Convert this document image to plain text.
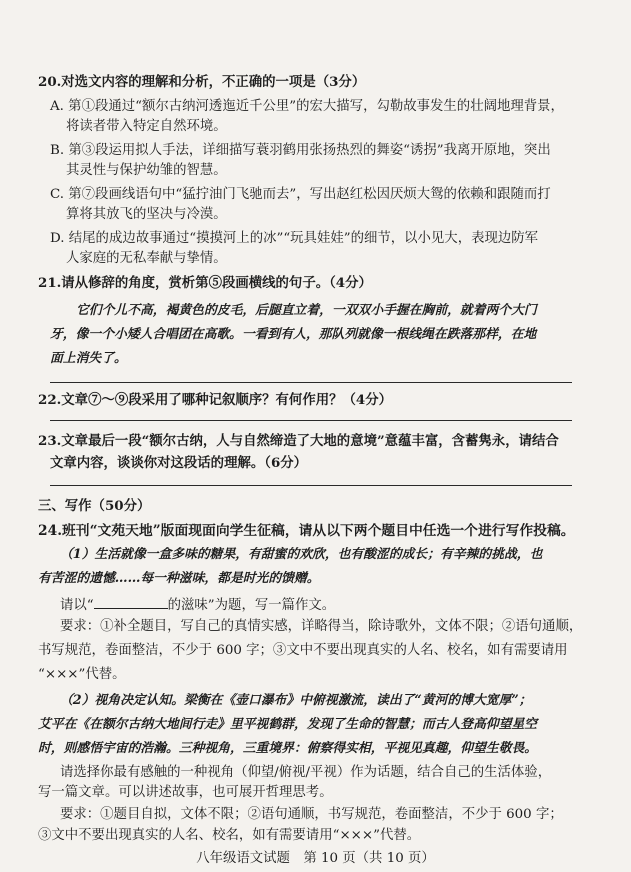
20.对选文内容的理解和分析，不正确的一项是（3分）
A. 第①段通过“额尔古纳河透迤近千公里”的宏大描写，勾勒故事发生的壮阔地理背景，
将读者带入特定自然环境。
B. 第③段运用拟人手法，详细描写蓑羽鹤用张扬热烈的舞姿“诱拐”我离开原地，突出
其灵性与保护幼雏的智慧。
C. 第⑦段画线语句中“猛拧油门飞驰而去”，写出赵红松因厌烦大鸳的依赖和跟随而打
算将其放飞的坚决与冷漠。
D. 结尾的成边故事通过“摸摸河上的冰”“玩具娃娃”的细节，以小见大，表现边防军
人家庭的无私奉献与挚情。
21.请从修辞的角度，赏析第⑤段画横线的句子。（4分）
它们个儿不高，褐黄色的皮毛，后腿直立着，一双双小手握在胸前，就着两个大门
牙，像一个小矮人合唱团在高歌。一看到有人，那队列就像一根线绳在跌落那样，在地
面上消失了。
22.文章⑦～⑨段采用了哪种记叙顺序？有何作用？（4分）
23.文章最后一段“额尔古纳，人与自然缔造了大地的意境”意蕴丰富，含蓄隽永，请结合
文章内容，谈谈你对这段话的理解。（6分）
三、写作（50分）
24.班刊“文苑天地”版面现面向学生征稿，请从以下两个题目中任选一个进行写作投稿。
（1）生活就像一盒多味的糖果，有甜蜜的欢欣，也有酸涩的成长；有辛辣的挑战，也
有苦涩的遗憾……每一种滋味，都是时光的馈赠。
请以“	的滋味”为题，写一篇作文。
要求：①补全题目，写自己的真情实感，详略得当，除诗歌外，文体不限；②语句通顺，
书写规范，卷面整洁，不少于 600 字；③文中不要出现真实的人名、校名，如有需要请用
“×××”代替。
（2）视角决定认知。梁衡在《壶口瀑布》中俯视激流，读出了“黄河的博大宽厚”；
艾平在《在额尔古纳大地间行走》里平视鹤群，发现了生命的智慧；而古人登高仰望星空
时，则感悟宇宙的浩瀚。三种视角，三重境界：俯察得实相，平视见真趣，仰望生敬畏。
请选择你最有感触的一种视角（仰望/俯视/平视）作为话题，结合自己的生活体验，
写一篇文章。可以讲述故事，也可展开哲理思考。
要求：①题目自拟，文体不限；②语句通顺，书写规范，卷面整洁，不少于 600 字；
③文中不要出现真实的人名、校名，如有需要请用“×××”代替。
八年级语文试题　第 10 页（共 10 页）
